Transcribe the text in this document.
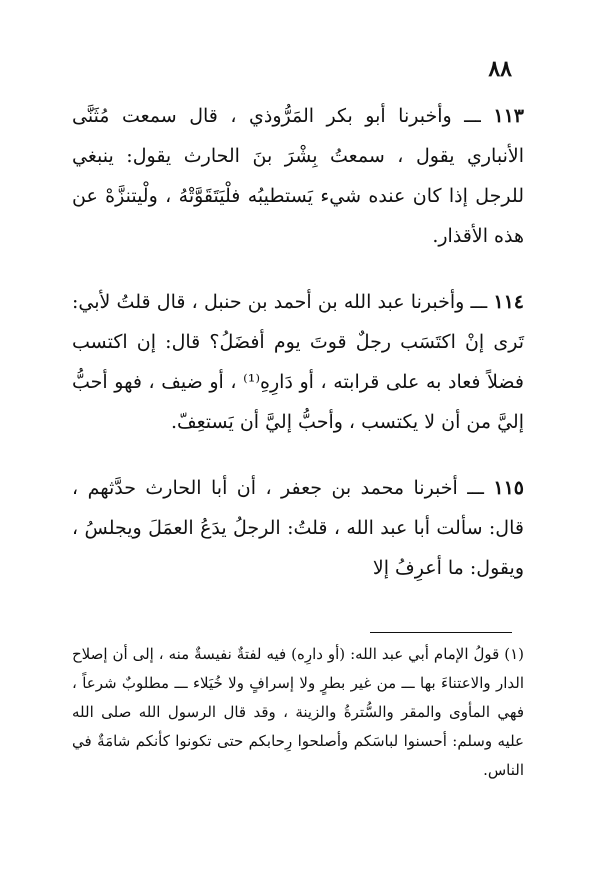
٨٨

١١٣ ـــ وأخبرنا أبو بكر المَرُّوذي ، قال سمعت مُثَنَّى الأنباري يقول ، سمعتُ بِشْرَ بنَ الحارث يقول: ينبغي للرجل إذا كان عنده شيء يَستطيبُه فلْيَتَقَوَّتْهُ ، ولْيتنزَّهْ عن هذه الأقذار.

١١٤ ـــ وأخبرنا عبد الله بن أحمد بن حنبل ، قال قلتُ لأبي: تَرى إنْ اكتَسَب رجلٌ قوتَ يوم أفضَلُ؟ قال: إن اكتسب فضلاً فعاد به على قرابته ، أو دَارِهِ⁽¹⁾ ، أو ضيف ، فهو أحبُّ إليَّ من أن لا يكتسب ، وأحبُّ إليَّ أن يَستعِفّ.

١١٥ ـــ أخبرنا محمد بن جعفر ، أن أبا الحارث حدَّثهم ، قال: سألت أبا عبد الله ، قلتُ: الرجلُ يدَعُ العمَلَ ويجلسُ ، ويقول: ما أعرِفُ إلا

(١) قولُ الإمام أبي عبد الله: (أو دارِه) فيه لفتةٌ نفيسةٌ منه ، إلى أن إصلاح الدار والاعتناءَ بها ـــ من غير بطرٍ ولا إسرافٍ ولا خُيَلاء ـــ مطلوبٌ شرعاً ، فهي المأوى والمقر والسُّترةُ والزينة ، وقد قال الرسول الله صلى الله عليه وسلم: أحسنوا لباسَكم وأصلحوا رِحابكم حتى تكونوا كأنكم شامَةٌ في الناس.
